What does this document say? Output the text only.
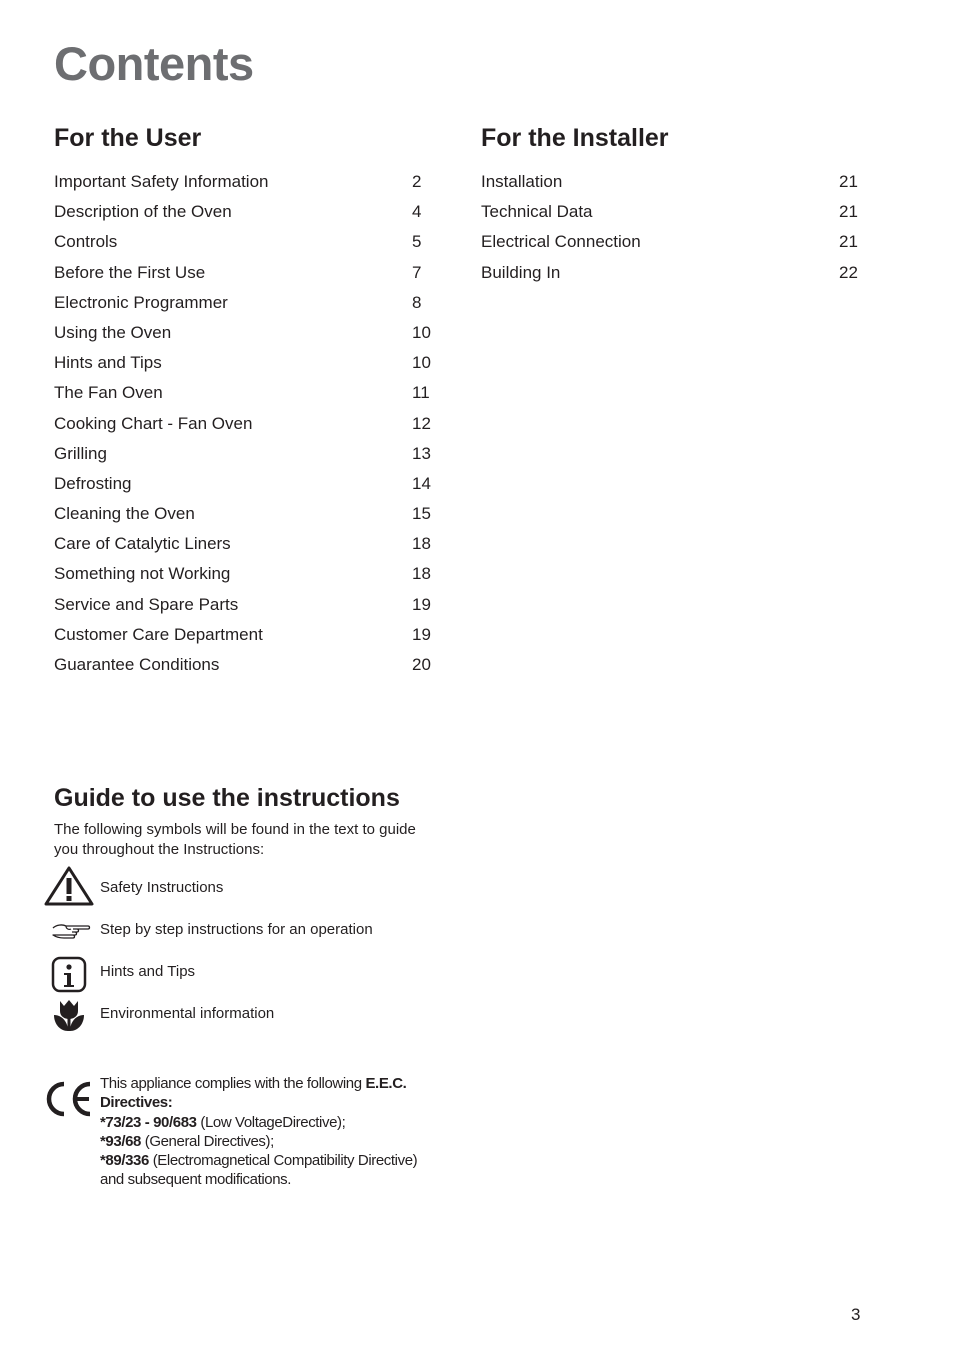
Contents
For the User
Important Safety Information	2
Description of the Oven	4
Controls	5
Before the First Use	7
Electronic Programmer	8
Using the Oven	10
Hints and Tips	10
The Fan Oven	11
Cooking Chart - Fan Oven	12
Grilling	13
Defrosting	14
Cleaning the Oven	15
Care of Catalytic Liners	18
Something not Working	18
Service and Spare Parts	19
Customer Care Department	19
Guarantee Conditions	20
For the Installer
Installation	21
Technical Data	21
Electrical Connection	21
Building In	22
Guide to use the instructions
The following symbols will be found in the text to guide you throughout the Instructions:
Safety Instructions
Step by step instructions for an operation
Hints and Tips
Environmental information
This appliance complies with the following E.E.C. Directives:
*73/23 - 90/683 (Low VoltageDirective);
*93/68 (General Directives);
*89/336 (Electromagnetical Compatibility Directive)
and subsequent modifications.
3
